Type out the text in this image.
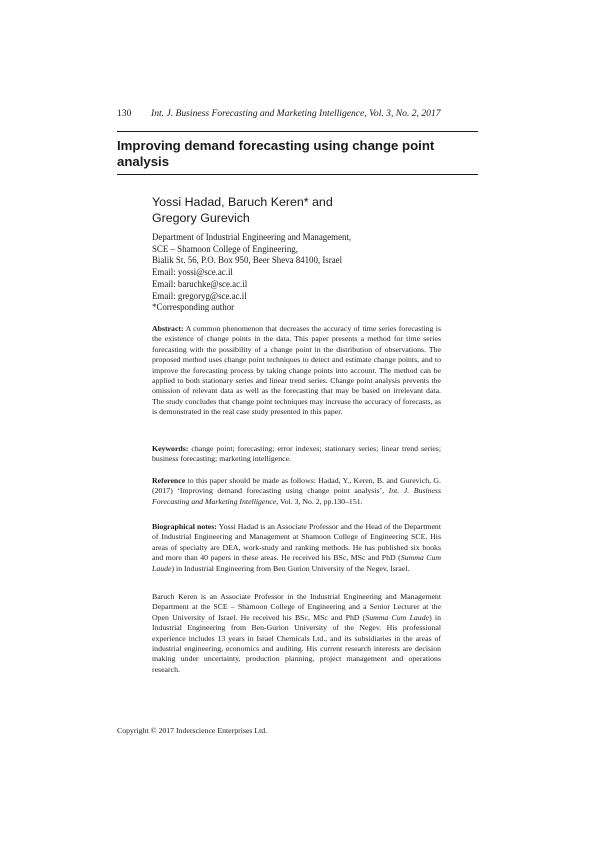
130 Int. J. Business Forecasting and Marketing Intelligence, Vol. 3, No. 2, 2017
Improving demand forecasting using change point analysis
Yossi Hadad, Baruch Keren* and
Gregory Gurevich
Department of Industrial Engineering and Management,
SCE – Shamoon College of Engineering,
Bialik St. 56, P.O. Box 950, Beer Sheva 84100, Israel
Email: yossi@sce.ac.il
Email: baruchke@sce.ac.il
Email: gregoryg@sce.ac.il
*Corresponding author
Abstract: A common phenomenon that decreases the accuracy of time series forecasting is the existence of change points in the data. This paper presents a method for time series forecasting with the possibility of a change point in the distribution of observations. The proposed method uses change point techniques to detect and estimate change points, and to improve the forecasting process by taking change points into account. The method can be applied to both stationary series and linear trend series. Change point analysis prevents the omission of relevant data as well as the forecasting that may be based on irrelevant data. The study concludes that change point techniques may increase the accuracy of forecasts, as is demonstrated in the real case study presented in this paper.
Keywords: change point; forecasting; error indexes; stationary series; linear trend series; business forecasting; marketing intelligence.
Reference to this paper should be made as follows: Hadad, Y., Keren, B. and Gurevich, G. (2017) ‘Improving demand forecasting using change point analysis’, Int. J. Business Forecasting and Marketing Intelligence, Vol. 3, No. 2, pp.130–151.
Biographical notes: Yossi Hadad is an Associate Professor and the Head of the Department of Industrial Engineering and Management at Shamoon College of Engineering SCE. His areas of specialty are DEA, work-study and ranking methods. He has published six books and more than 40 papers in these areas. He received his BSc, MSc and PhD (Summa Cum Laude) in Industrial Engineering from Ben Gurion University of the Negev, Israel.
Baruch Keren is an Associate Professor in the Industrial Engineering and Management Department at the SCE – Shamoon College of Engineering and a Senior Lecturer at the Open University of Israel. He received his BSc, MSc and PhD (Summa Cum Laude) in Industrial Engineering from Ben-Gurion University of the Negev. His professional experience includes 13 years in Israel Chemicals Ltd., and its subsidiaries in the areas of industrial engineering, economics and auditing. His current research interests are decision making under uncertainty, production planning, project management and operations research.
Copyright © 2017 Inderscience Enterprises Ltd.
